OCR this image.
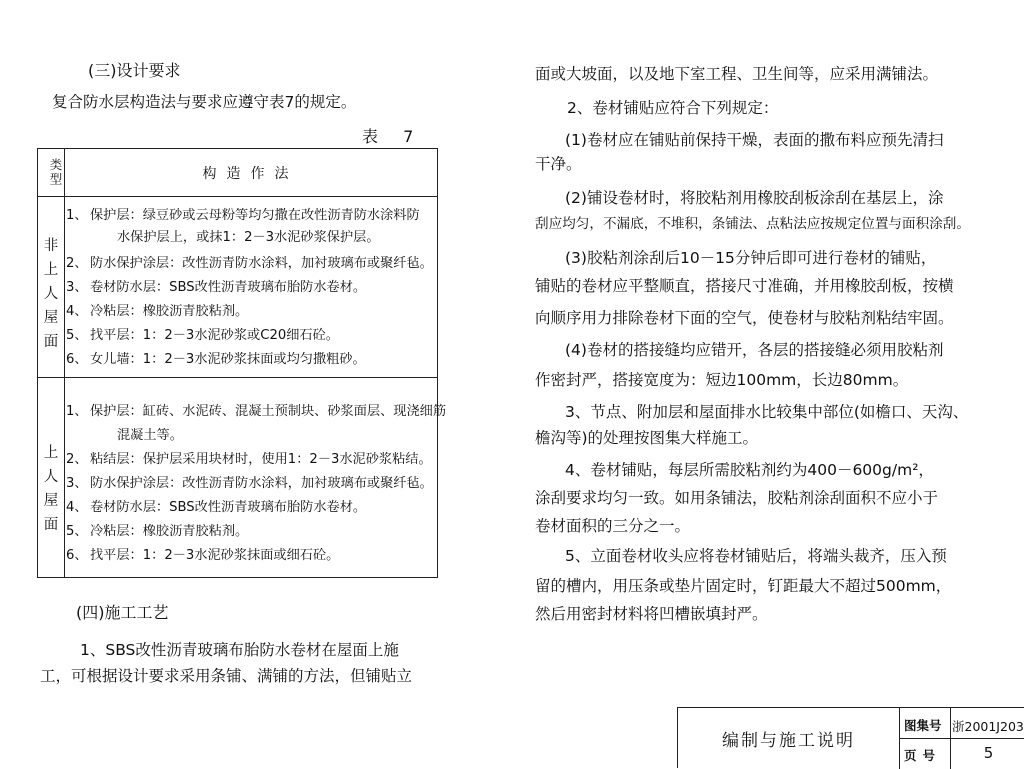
(三)设计要求
复合防水层构造法与要求应遵守表7的规定。
表 7
类型	构造作法
非
上
人
屋
面
1、 保护层：绿豆砂或云母粉等均匀撒在改性沥青防水涂料防
水保护层上，或抹1：2－3水泥砂浆保护层。
2、 防水保护涂层：改性沥青防水涂料，加衬玻璃布或聚纤毡。
3、 卷材防水层：SBS改性沥青玻璃布胎防水卷材。
4、 冷粘层：橡胶沥青胶粘剂。
5、 找平层：1：2－3水泥砂浆或C20细石砼。
6、 女儿墙：1：2－3水泥砂浆抹面或均匀撒粗砂。
上
人
屋
面
1、 保护层：缸砖、水泥砖、混凝土预制块、砂浆面层、现浇细筋
混凝土等。
2、 粘结层：保护层采用块材时，使用1：2－3水泥砂浆粘结。
3、 防水保护涂层：改性沥青防水涂料，加衬玻璃布或聚纤毡。
4、 卷材防水层：SBS改性沥青玻璃布胎防水卷材。
5、 冷粘层：橡胶沥青胶粘剂。
6、 找平层：1：2－3水泥砂浆抹面或细石砼。
(四)施工工艺
1、SBS改性沥青玻璃布胎防水卷材在屋面上施
工，可根据设计要求采用条铺、满铺的方法，但铺贴立
面或大坡面，以及地下室工程、卫生间等，应采用满铺法。
2、卷材铺贴应符合下列规定：
(1)卷材应在铺贴前保持干燥，表面的撒布料应预先清扫
干净。
(2)铺设卷材时，将胶粘剂用橡胶刮板涂刮在基层上，涂
刮应均匀，不漏底，不堆积，条铺法、点粘法应按规定位置与面积涂刮。
(3)胶粘剂涂刮后10－15分钟后即可进行卷材的铺贴，
铺贴的卷材应平整顺直，搭接尺寸准确，并用橡胶刮板，按横
向顺序用力排除卷材下面的空气，使卷材与胶粘剂粘结牢固。
(4)卷材的搭接缝均应错开，各层的搭接缝必须用胶粘剂
作密封严，搭接宽度为：短边100mm，长边80mm。
3、节点、附加层和屋面排水比较集中部位(如檐口、天沟、
檐沟等)的处理按图集大样施工。
4、卷材铺贴，每层所需胶粘剂约为400－600g/m²，
涂刮要求均匀一致。如用条铺法，胶粘剂涂刮面积不应小于
卷材面积的三分之一。
5、立面卷材收头应将卷材铺贴后，将端头裁齐，压入预
留的槽内，用压条或垫片固定时，钉距最大不超过500mm，
然后用密封材料将凹槽嵌填封严。
编制与施工说明
图集号 浙2001J203
页号	5
